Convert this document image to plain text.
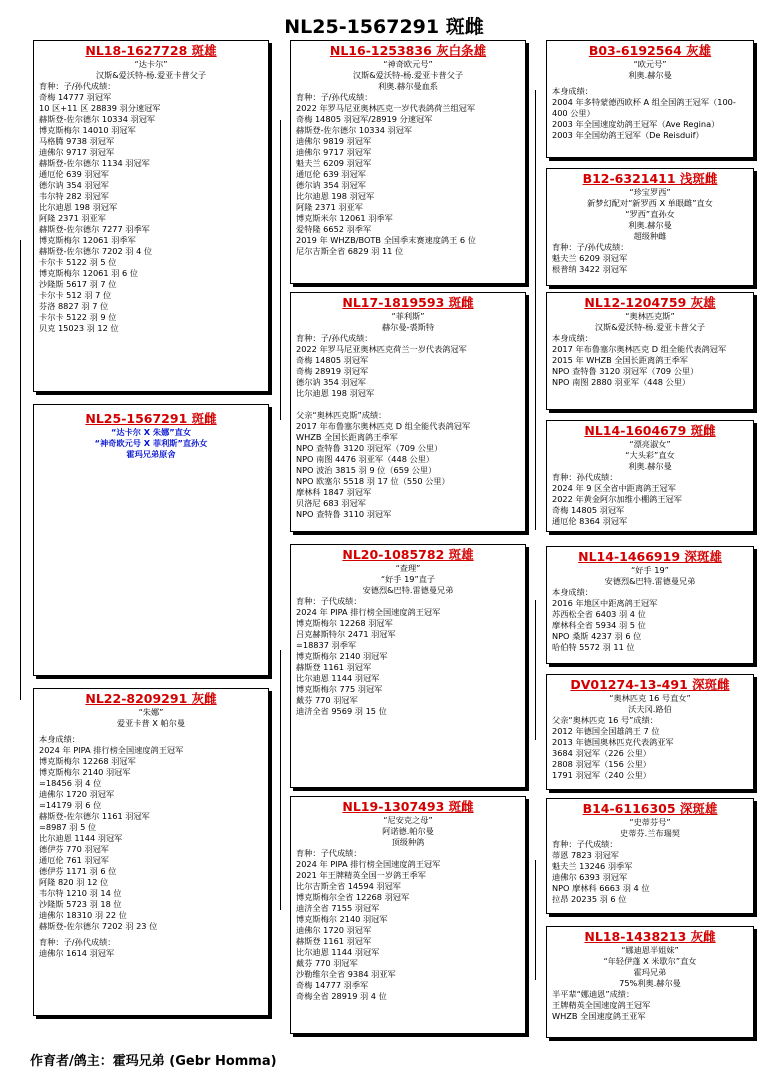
NL25-1567291 斑雌
NL18-1627728 斑雄
“达卡尔”
汉斯&爱沃特-杨.爱亚卡普父子
育种：子/孙代成绩：
奇梅 14777 羽冠军
10 区+11 区 28839 羽分速冠军
赫斯登-佐尔德尔 10334 羽冠军
博克斯梅尔 14010 羽冠军
马格腾 9738 羽冠军
迪佛尔 9717 羽冠军
赫斯登-佐尔德尔 1134 羽冠军
通厄伦 639 羽冠军
德尔讷 354 羽冠军
韦尔特 282 羽冠军
比尔迪恩 198 羽冠军
阿隆 2371 羽亚军
赫斯登-佐尔德尔 7277 羽季军
博克斯梅尔 12061 羽季军
赫斯登-佐尔德尔 7202 羽 4 位
卡尔卡 5122 羽 5 位
博克斯梅尔 12061 羽 6 位
沙隆斯 5617 羽 7 位
卡尔卡 512 羽 7 位
芬洛 8827 羽 7 位
卡尔卡 5122 羽 9 位
贝克 15023 羽 12 位
NL25-1567291 斑雌
“达卡尔 X 朱娜”直女
“神奇欧元号 X 菲利斯”直孙女
霍玛兄弟原舍
NL22-8209291 灰雌
“朱娜”
爱亚卡普 X 帕尔曼
本身成绩：
2024 年 PIPA 排行榜全国速度鸽王冠军
博克斯梅尔 12268 羽冠军
博克斯梅尔 2140 羽冠军
=18456 羽 4 位
迪佛尔 1720 羽冠军
=14179 羽 6 位
赫斯登-佐尔德尔 1161 羽冠军
=8987 羽 5 位
比尔迪恩 1144 羽冠军
德伊芬 770 羽冠军
通厄伦 761 羽冠军
德伊芬 1171 羽 6 位
阿隆 820 羽 12 位
韦尔特 1210 羽 14 位
沙隆斯 5723 羽 18 位
迪佛尔 18310 羽 22 位
赫斯登-佐尔德尔 7202 羽 23 位
育种：子/孙代成绩：
迪佛尔 1614 羽冠军
NL16-1253836 灰白条雄
“神奇欧元号”
汉斯&爱沃特-杨.爱亚卡普父子
利奥.赫尔曼血系
育种：子/孙代成绩：
2022 年罗马尼亚奥林匹克一岁代表鸽荷兰组冠军
奇梅 14805 羽冠军/28919 分速冠军
赫斯登-佐尔德尔 10334 羽冠军
迪佛尔 9819 羽冠军
迪佛尔 9717 羽冠军
魁夫兰 6209 羽冠军
通厄伦 639 羽冠军
德尔讷 354 羽冠军
比尔迪恩 198 羽冠军
阿隆 2371 羽亚军
博克斯米尔 12061 羽季军
爱特隆 6652 羽季军
2019 年 WHZB/BOTB 全国季末赛速度鸽王 6 位
尼尔吉斯全省 6829 羽 11 位
NL17-1819593 斑雌
“菲利斯”
赫尔曼-裘斯特
育种：子/孙代成绩：
2022 年罗马尼亚奥林匹克荷兰一岁代表鸽冠军
奇梅 14805 羽冠军
奇梅 28919 羽冠军
德尔讷 354 羽冠军
比尔迪恩 198 羽冠军
父亲“奥林匹克斯”成绩：
2017 年布鲁塞尔奥林匹克 D 组全能代表鸽冠军
WHZB 全国长距离鸽王季军
NPO 查特鲁 3120 羽冠军（709 公里）
NPO 南图 4476 羽亚军（448 公里）
NPO 波治 3815 羽 9 位（659 公里）
NPO 欧塞尔 5518 羽 17 位（550 公里）
摩林科 1847 羽冠军
贝洛尼 683 羽冠军
NPO 查特鲁 3110 羽冠军
NL20-1085782 斑雄
“查理”
“好手 19”直子
安德烈&巴特.雷德曼兄弟
育种：子代成绩：
2024 年 PIPA 排行榜全国速度鸽王冠军
博克斯梅尔 12268 羽冠军
吕克赫斯特尔 2471 羽冠军
=18837 羽季军
博克斯梅尔 2140 羽冠军
赫斯登 1161 羽冠军
比尔迪恩 1144 羽冠军
博克斯梅尔 775 羽冠军
戴芬 770 羽冠军
迪济全省 9569 羽 15 位
NL19-1307493 斑雌
“尼安克之母”
阿诺德.帕尔曼
顶级种鸽
育种：子代成绩：
2024 年 PIPA 排行榜全国速度鸽王冠军
2021 年王牌精英全国一岁鸽王季军
比尔吉斯全省 14594 羽冠军
博克斯梅尔全省 12268 羽冠军
迪济全省 7155 羽冠军
博克斯梅尔 2140 羽冠军
迪佛尔 1720 羽冠军
赫斯登 1161 羽冠军
比尔迪恩 1144 羽冠军
戴芬 770 羽冠军
沙勒维尔全省 9384 羽亚军
奇梅 14777 羽季军
奇梅全省 28919 羽 4 位
B03-6192564 灰雄
“欧元号”
利奥.赫尔曼
本身成绩：
2004 年多特蒙德西欧杯 A 组全国鸽王冠军（100-400 公里）
2003 年全国速度幼鸽王冠军（Ave Regina）
2003 年全国幼鸽王冠军（De Reisduif）
B12-6321411 浅斑雌
“珍宝罗西”
新梦幻配对“新罗西 X 单眼雌”直女
“罗西”直孙女
利奥.赫尔曼
超级种雌
育种：子/孙代成绩：
魁夫兰 6209 羽冠军
根普纳 3422 羽冠军
NL12-1204759 灰雄
“奥林匹克斯”
汉斯&爱沃特-杨.爱亚卡普父子
本身成绩：
2017 年布鲁塞尔奥林匹克 D 组全能代表鸽冠军
2015 年 WHZB 全国长距离鸽王季军
NPO 查特鲁 3120 羽冠军（709 公里）
NPO 南图 2880 羽亚军（448 公里）
NL14-1604679 斑雌
“漂亮淑女”
“大头彩”直女
利奥.赫尔曼
育种：孙代成绩：
2024 年 9 区全省中距离鸽王冠军
2022 年黄金阿尔加维小棚鸽王冠军
奇梅 14805 羽冠军
通厄伦 8364 羽冠军
NL14-1466919 深斑雄
“好手 19”
安德烈&巴特.雷德曼兄弟
本身成绩：
2016 年地区中距离鸽王冠军
苏西松全省 6403 羽 4 位
摩林科全省 5934 羽 5 位
NPO 桑斯 4237 羽 6 位
哈伯特 5572 羽 11 位
DV01274-13-491 深斑雌
“奥林匹克 16 号直女”
沃夫冈.路伯
父亲“奥林匹克 16 号”成绩：
2012 年德国全国雄鸽王 7 位
2013 年德国奥林匹克代表鸽亚军
3684 羽冠军（226 公里）
2808 羽冠军（156 公里）
1791 羽冠军（240 公里）
B14-6116305 深斑雄
“史蒂芬号”
史蒂芬.兰布瑞契
育种：子代成绩：
蒂恩 7823 羽冠军
魁夫兰 13246 羽季军
迪佛尔 6393 羽冠军
NPO 摩林科 6663 羽 4 位
拉昂 20235 羽 6 位
NL18-1438213 灰雌
“娜迪恩半姐妹”
“年轻伊蓬 X 米歇尔”直女
霍玛兄弟
75%利奥.赫尔曼
半平辈“娜迪恩”成绩：
王牌精英全国速度鸽王冠军
WHZB 全国速度鸽王亚军
作育者/鸽主：霍玛兄弟 (Gebr Homma)
